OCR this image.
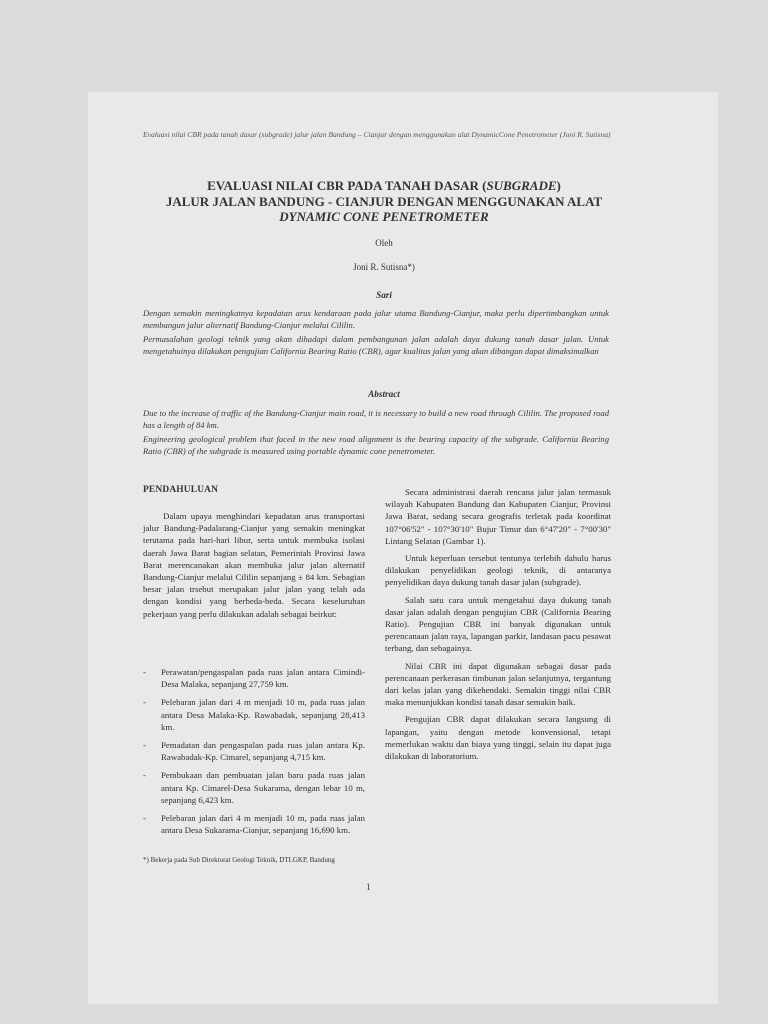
Evaluasi nilai CBR pada tanah dasar (subgrade) jalur jalan Bandung – Cianjur dengan menggunakan alat DynamicCone Penetrometer (Joni R. Sutisna)
EVALUASI NILAI CBR PADA TANAH DASAR (SUBGRADE)
JALUR JALAN BANDUNG - CIANJUR DENGAN MENGGUNAKAN ALAT
DYNAMIC CONE PENETROMETER
Oleh
Joni R. Sutisna*)
Sari
Dengan semakin meningkatnya kepadatan arus kendaraan pada jalur utama Bandung-Cianjur, maka perlu dipertimbangkan untuk membangun jalur alternatif Bandung-Cianjur melalui Cililin.
Permasalahan geologi teknik yang akan dihadapi dalam pembangunan jalan adalah daya dukung tanah dasar jalan. Untuk mengetahuinya dilakukan pengujian California Bearing Ratio (CBR), agar kualitas jalan yang akan dibangun dapat dimaksimalkan
Abstract
Due to the increase of traffic of the Bandung-Cianjur main road, it is necessary to build a new road through Cililin. The proposed road has a length of 84 km.
Engineering geological problem that faced in the new road alignment is the bearing capacity of the subgrade. California Bearing Ratio (CBR) of the subgrade is measured using portable dynamic cone penetrometer.
PENDAHULUAN

Dalam upaya menghindari kepadatan arus transportasi jalur Bandung-Padalarang-Cianjur yang semakin meningkat terutama pada hari-hari libur, serta untuk membuka isolasi daerah Jawa Barat bagian selatan, Pemerintah Provinsi Jawa Barat merencanakan akan membuka jalur jalan alternatif Bandung-Cianjur melalui Cililin sepanjang ± 84 km. Sebagian besar jalan trsebut merupakan jalur jalan yang telah ada dengan kondisi yang berbeda-beda. Secara keseluruhan pekerjaan yang perlu dilakukan adalah sebagai beirkut:

- Perawatan/pengaspalan pada ruas jalan antara Cimindi-Desa Malaka, sepanjang 27,759 km.
- Pelebaran jalan dari 4 m menjadi 10 m, pada ruas jalan antara Desa Malaka-Kp. Rawabadak, sepanjang 28,413 km.
- Pemadatan dan pengaspalan pada ruas jalan antara Kp. Rawabadak-Kp. Cimarel, sepanjang 4,715 km.
- Pembukaan dan pembuatan jalan baru pada ruas jalan antara Kp. Cimarel-Desa Sukarama, dengan lebar 10 m, sepanjang 6,423 km.
- Pelebaran jalan dari 4 m menjadi 10 m, pada ruas jalan antara Desa Sukarama-Cianjur, sepanjang 16,690 km.

Secara administrasi daerah rencana jalur jalan termasuk wilayah Kabupaten Bandung dan Kabupaten Cianjur, Provinsi Jawa Barat, sedang secara geografis terletak pada koordinat 107°06'52" - 107°30'10" Bujur Timur dan 6°47'20" - 7°00'30" Lintang Selatan (Gambar 1).

Untuk keperluan tersebut tentunya terlebih dahulu harus dilakukan penyelidikan geologi teknik, di antaranya penyelidikan daya dukung tanah dasar jalan (subgrade).

Salah satu cara untuk mengetahui daya dukung tanah dasar jalan adalah dengan pengujian CBR (California Bearing Ratio). Pengujian CBR ini banyak digunakan untuk perencanaan jalan raya, lapangan parkir, landasan pacu pesawat terbang, dan sebagainya.

Nilai CBR ini dapat digunakan sebagai dasar pada perencanaan perkerasan timbunan jalan selanjutnya, tergantung dari kelas jalan yang dikehendaki. Semakin tinggi nilai CBR maka menunjukkan kondisi tanah dasar semakin baik.

Pengujian CBR dapat dilakukan secara langsung di lapangan, yaitu dengan metode konvensional, tetapi memerlukan waktu dan biaya yang tinggi, selain itu dapat juga dilakukan di laboratorium.

*) Bekerja pada Sub Direktorat Geologi Teknik, DTLGKP, Bandung
1
